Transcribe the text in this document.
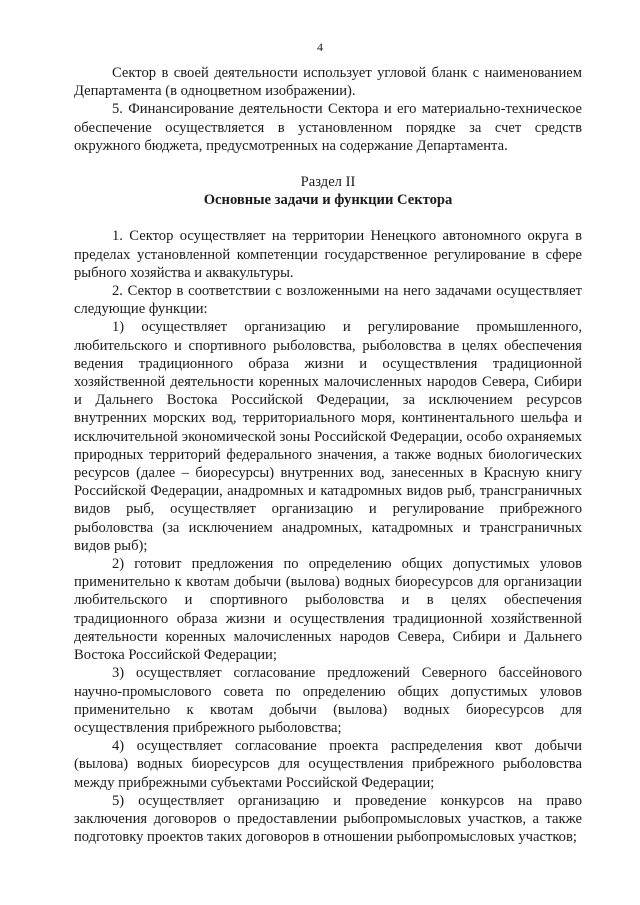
4

Сектор в своей деятельности использует угловой бланк с наименованием Департамента (в одноцветном изображении).

5. Финансирование деятельности Сектора и его материально-техническое обеспечение осуществляется в установленном порядке за счет средств окружного бюджета, предусмотренных на содержание Департамента.

Раздел II

Основные задачи и функции Сектора

1. Сектор осуществляет на территории Ненецкого автономного округа в пределах установленной компетенции государственное регулирование в сфере рыбного хозяйства и аквакультуры.

2. Сектор в соответствии с возложенными на него задачами осуществляет следующие функции:

1) осуществляет организацию и регулирование промышленного, любительского и спортивного рыболовства, рыболовства в целях обеспечения ведения традиционного образа жизни и осуществления традиционной хозяйственной деятельности коренных малочисленных народов Севера, Сибири и Дальнего Востока Российской Федерации, за исключением ресурсов внутренних морских вод, территориального моря, континентального шельфа и исключительной экономической зоны Российской Федерации, особо охраняемых природных территорий федерального значения, а также водных биологических ресурсов (далее – биоресурсы) внутренних вод, занесенных в Красную книгу Российской Федерации, анадромных и катадромных видов рыб, трансграничных видов рыб, осуществляет организацию и регулирование прибрежного рыболовства (за исключением анадромных, катадромных и трансграничных видов рыб);

2) готовит предложения по определению общих допустимых уловов применительно к квотам добычи (вылова) водных биоресурсов для организации любительского и спортивного рыболовства и в целях обеспечения традиционного образа жизни и осуществления традиционной хозяйственной деятельности коренных малочисленных народов Севера, Сибири и Дальнего Востока Российской Федерации;

3) осуществляет согласование предложений Северного бассейнового научно-промыслового совета по определению общих допустимых уловов применительно к квотам добычи (вылова) водных биоресурсов для осуществления прибрежного рыболовства;

4) осуществляет согласование проекта распределения квот добычи (вылова) водных биоресурсов для осуществления прибрежного рыболовства между прибрежными субъектами Российской Федерации;

5) осуществляет организацию и проведение конкурсов на право заключения договоров о предоставлении рыбопромысловых участков, а также подготовку проектов таких договоров в отношении рыбопромысловых участков;
